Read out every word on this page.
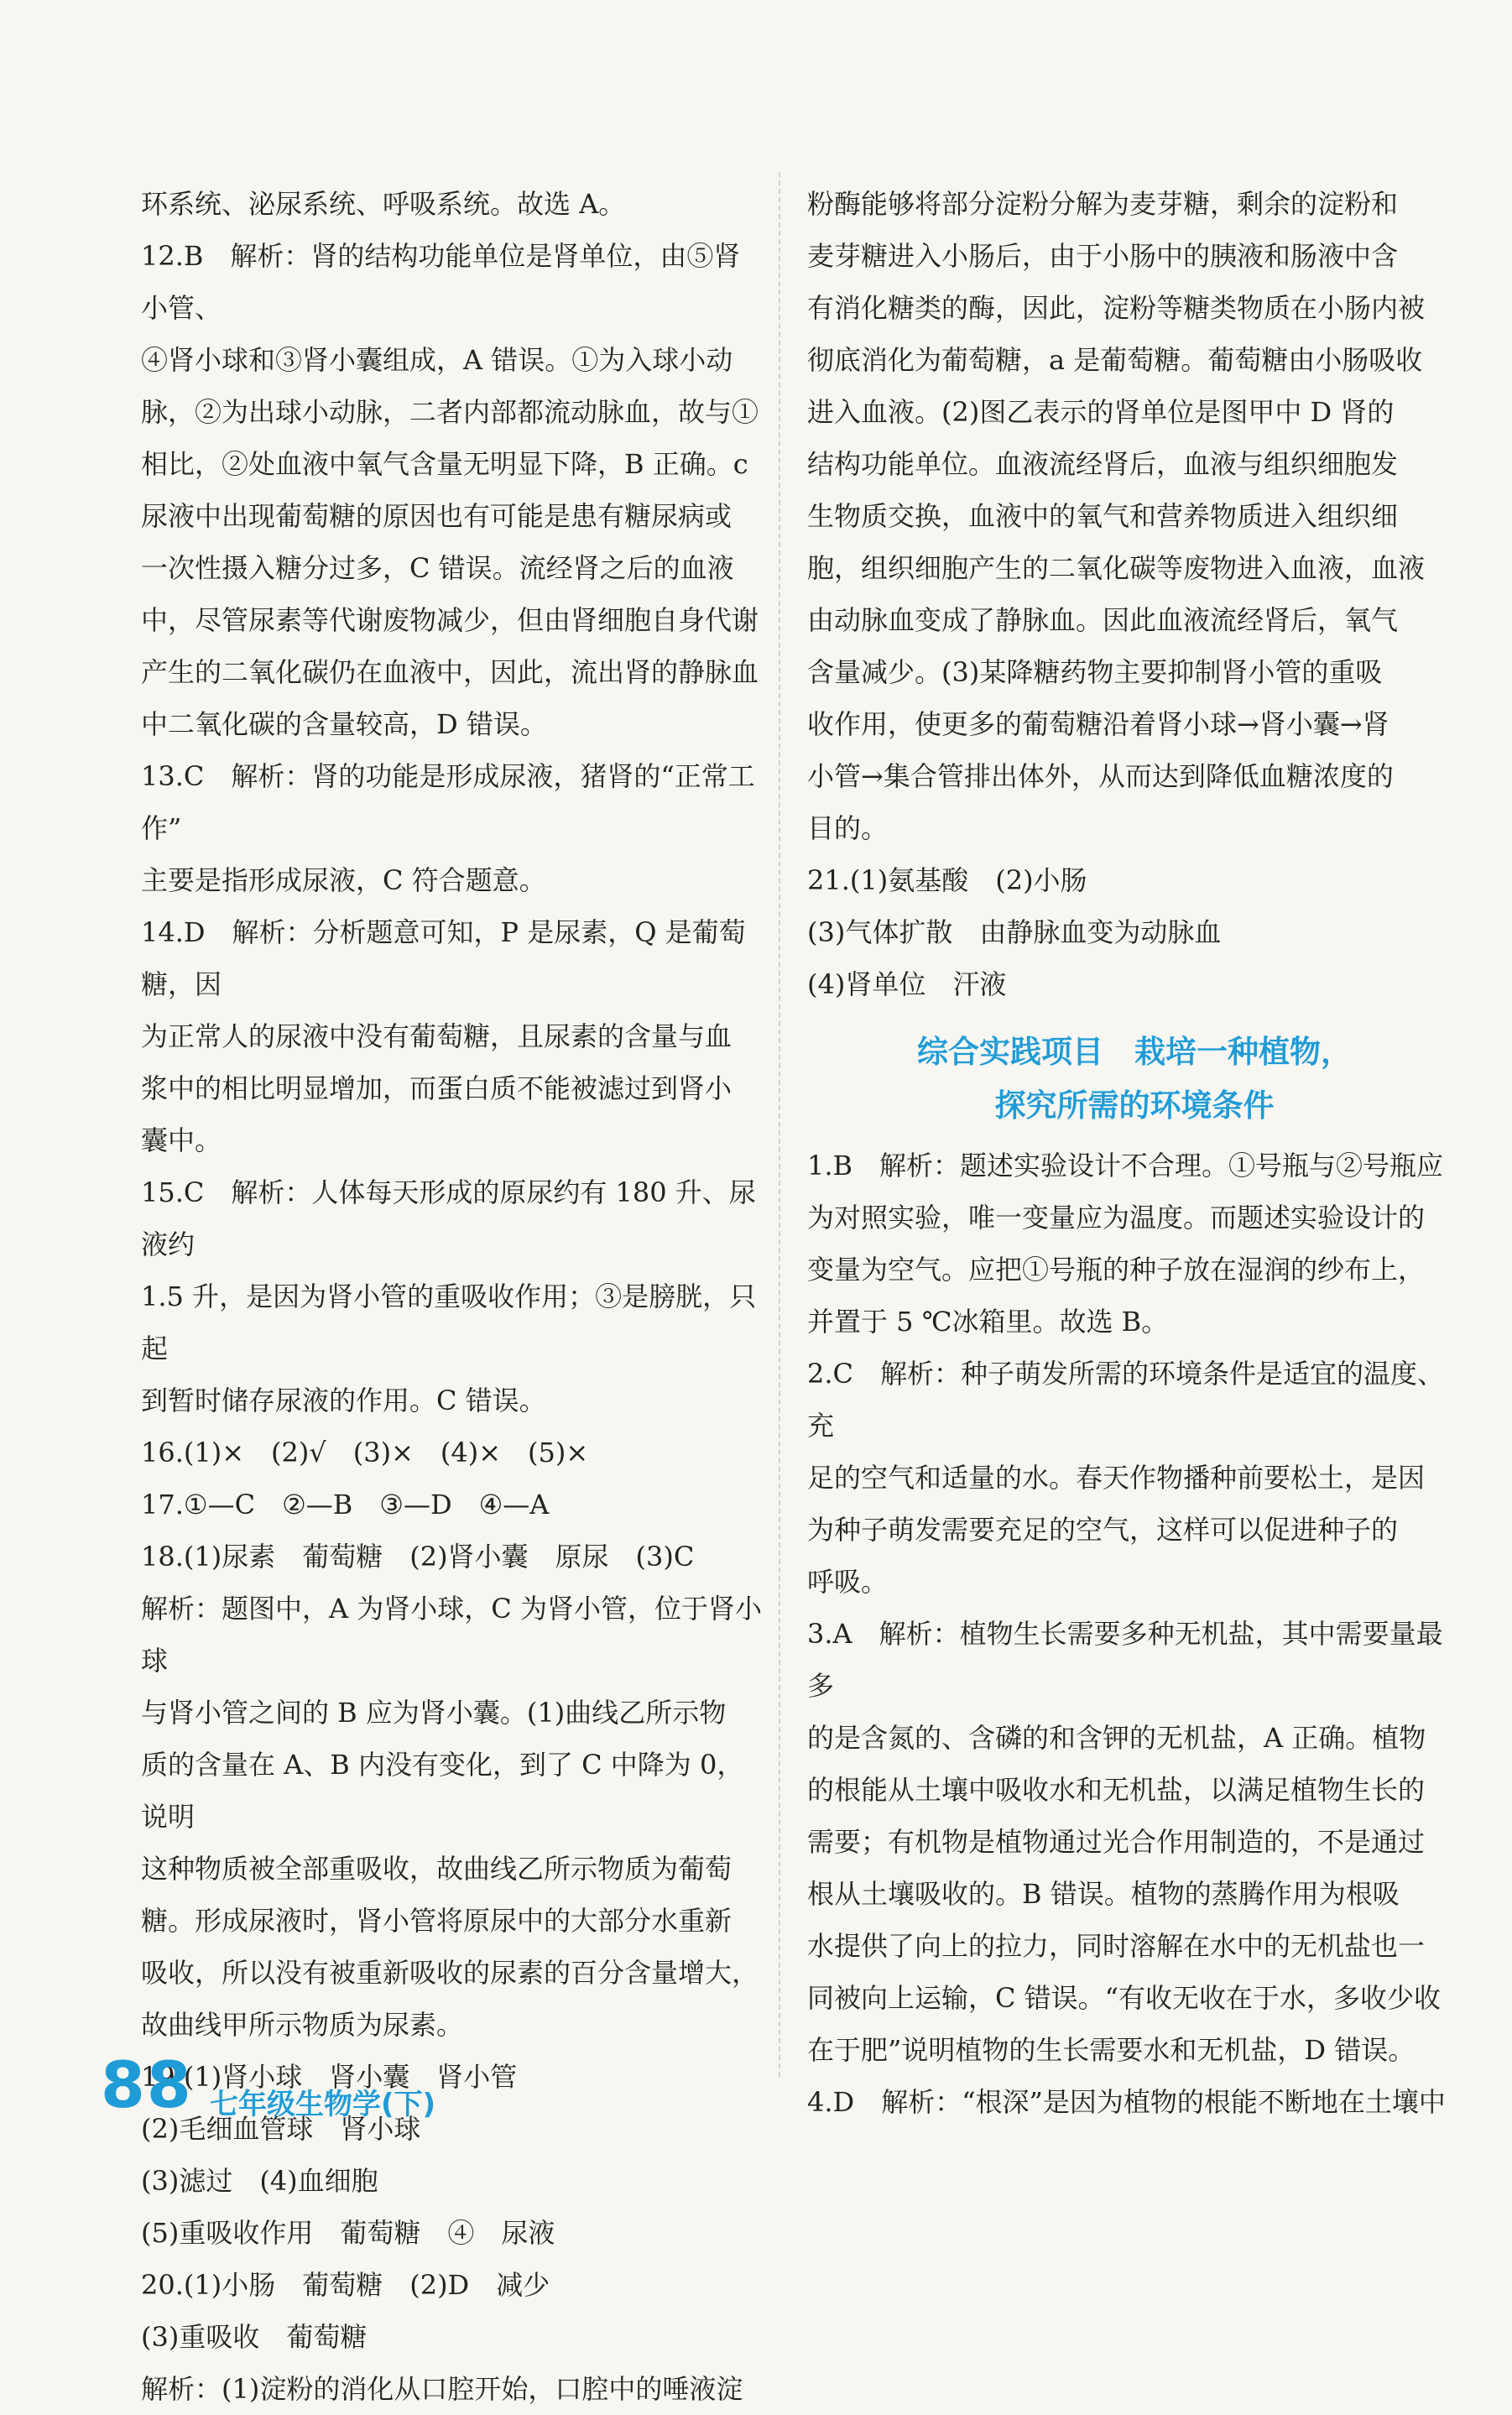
环系统、泌尿系统、呼吸系统。故选 A。
12.B　解析：肾的结构功能单位是肾单位，由⑤肾小管、
④肾小球和③肾小囊组成，A 错误。①为入球小动
脉，②为出球小动脉，二者内部都流动脉血，故与①
相比，②处血液中氧气含量无明显下降，B 正确。c
尿液中出现葡萄糖的原因也有可能是患有糖尿病或
一次性摄入糖分过多，C 错误。流经肾之后的血液
中，尽管尿素等代谢废物减少，但由肾细胞自身代谢
产生的二氧化碳仍在血液中，因此，流出肾的静脉血
中二氧化碳的含量较高，D 错误。
13.C　解析：肾的功能是形成尿液，猪肾的“正常工作”
主要是指形成尿液，C 符合题意。
14.D　解析：分析题意可知，P 是尿素，Q 是葡萄糖，因
为正常人的尿液中没有葡萄糖，且尿素的含量与血
浆中的相比明显增加，而蛋白质不能被滤过到肾小
囊中。
15.C　解析：人体每天形成的原尿约有 180 升、尿液约
1.5 升，是因为肾小管的重吸收作用；③是膀胱，只起
到暂时储存尿液的作用。C 错误。
16.(1)×　(2)√　(3)×　(4)×　(5)×
17.①—C　②—B　③—D　④—A
18.(1)尿素　葡萄糖　(2)肾小囊　原尿　(3)C
解析：题图中，A 为肾小球，C 为肾小管，位于肾小球
与肾小管之间的 B 应为肾小囊。(1)曲线乙所示物
质的含量在 A、B 内没有变化，到了 C 中降为 0，说明
这种物质被全部重吸收，故曲线乙所示物质为葡萄
糖。形成尿液时，肾小管将原尿中的大部分水重新
吸收，所以没有被重新吸收的尿素的百分含量增大，
故曲线甲所示物质为尿素。
19.(1)肾小球　肾小囊　肾小管
(2)毛细血管球　肾小球
(3)滤过　(4)血细胞
(5)重吸收作用　葡萄糖　④　尿液
20.(1)小肠　葡萄糖　(2)D　减少
(3)重吸收　葡萄糖
解析：(1)淀粉的消化从口腔开始，口腔中的唾液淀
粉酶能够将部分淀粉分解为麦芽糖，剩余的淀粉和
麦芽糖进入小肠后，由于小肠中的胰液和肠液中含
有消化糖类的酶，因此，淀粉等糖类物质在小肠内被
彻底消化为葡萄糖，a 是葡萄糖。葡萄糖由小肠吸收
进入血液。(2)图乙表示的肾单位是图甲中 D 肾的
结构功能单位。血液流经肾后，血液与组织细胞发
生物质交换，血液中的氧气和营养物质进入组织细
胞，组织细胞产生的二氧化碳等废物进入血液，血液
由动脉血变成了静脉血。因此血液流经肾后，氧气
含量减少。(3)某降糖药物主要抑制肾小管的重吸
收作用，使更多的葡萄糖沿着肾小球→肾小囊→肾
小管→集合管排出体外，从而达到降低血糖浓度的
目的。
21.(1)氨基酸　(2)小肠
(3)气体扩散　由静脉血变为动脉血
(4)肾单位　汗液
综合实践项目　栽培一种植物，
探究所需的环境条件
1.B　解析：题述实验设计不合理。①号瓶与②号瓶应
为对照实验，唯一变量应为温度。而题述实验设计的
变量为空气。应把①号瓶的种子放在湿润的纱布上，
并置于 5 ℃冰箱里。故选 B。
2.C　解析：种子萌发所需的环境条件是适宜的温度、充
足的空气和适量的水。春天作物播种前要松土，是因
为种子萌发需要充足的空气，这样可以促进种子的
呼吸。
3.A　解析：植物生长需要多种无机盐，其中需要量最多
的是含氮的、含磷的和含钾的无机盐，A 正确。植物
的根能从土壤中吸收水和无机盐，以满足植物生长的
需要；有机物是植物通过光合作用制造的，不是通过
根从土壤吸收的。B 错误。植物的蒸腾作用为根吸
水提供了向上的拉力，同时溶解在水中的无机盐也一
同被向上运输，C 错误。“有收无收在于水，多收少收
在于肥”说明植物的生长需要水和无机盐，D 错误。
4.D　解析：“根深”是因为植物的根能不断地在土壤中
88 七年级生物学(下)
